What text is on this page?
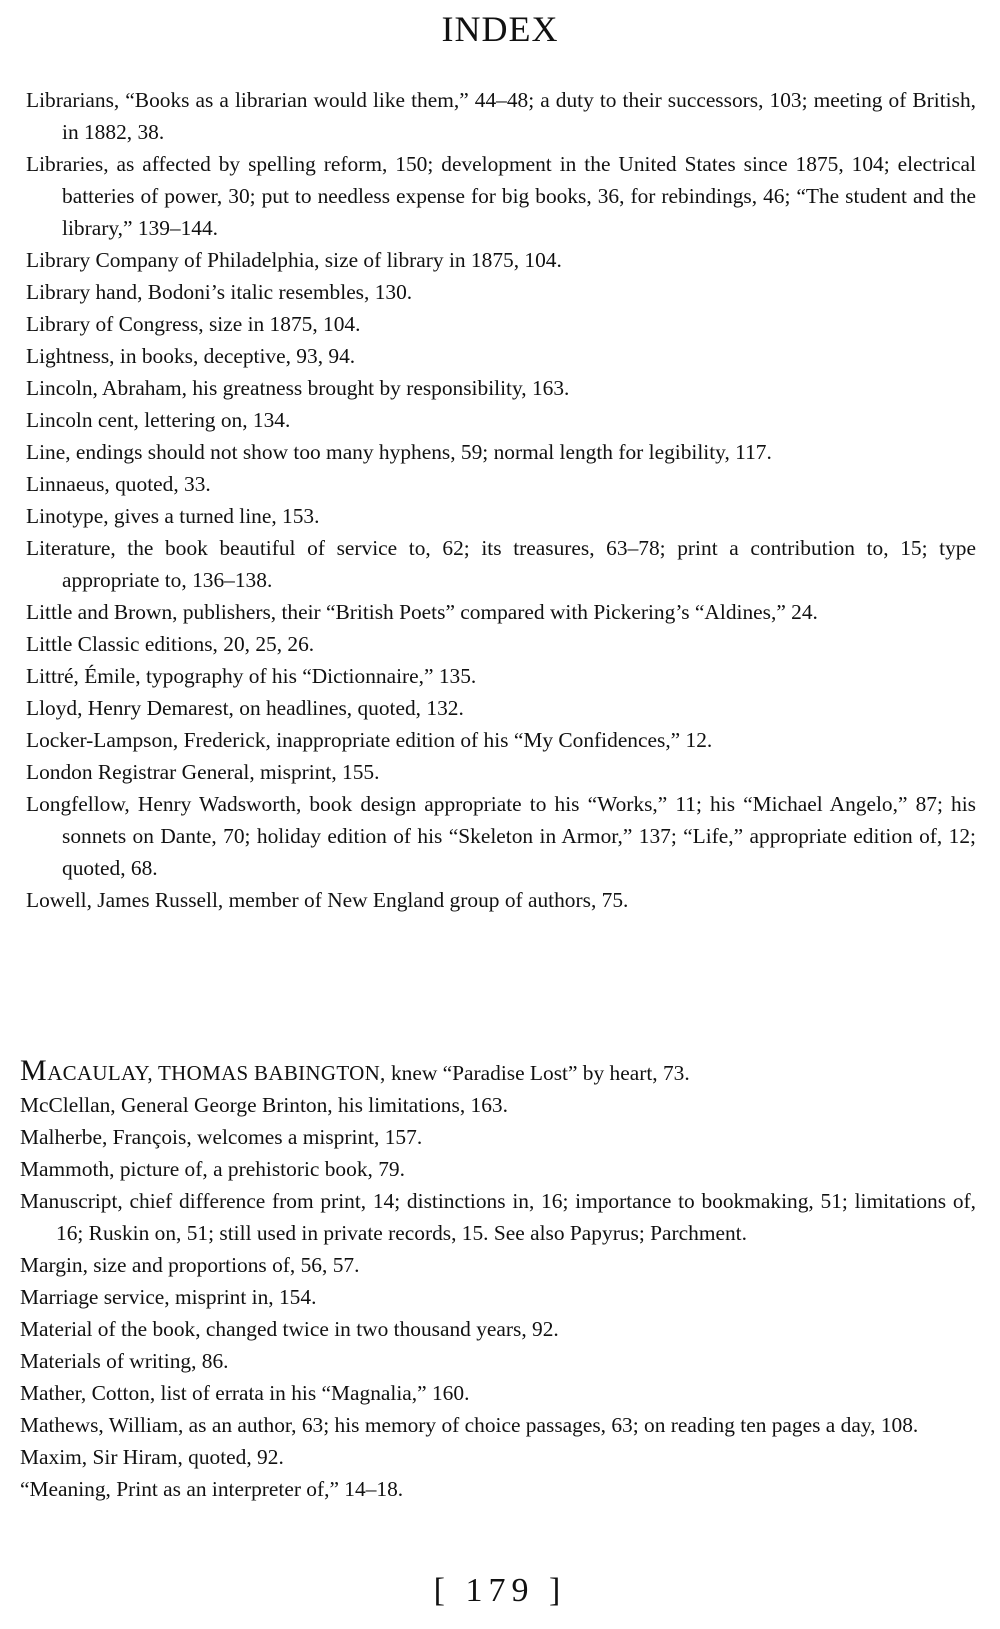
INDEX

Librarians, “Books as a librarian would like them,” 44–48; a duty to their successors, 103; meeting of British, in 1882, 38.

Libraries, as affected by spelling reform, 150; development in the United States since 1875, 104; electrical batteries of power, 30; put to needless expense for big books, 36, for rebindings, 46; “The student and the library,” 139–144.

Library Company of Philadelphia, size of library in 1875, 104.

Library hand, Bodoni’s italic resembles, 130.

Library of Congress, size in 1875, 104.

Lightness, in books, deceptive, 93, 94.

Lincoln, Abraham, his greatness brought by responsibility, 163.

Lincoln cent, lettering on, 134.

Line, endings should not show too many hyphens, 59; normal length for legibility, 117.

Linnaeus, quoted, 33.

Linotype, gives a turned line, 153.

Literature, the book beautiful of service to, 62; its treasures, 63–78; print a contribution to, 15; type appropriate to, 136–138.

Little and Brown, publishers, their “British Poets” compared with Pickering’s “Aldines,” 24.

Little Classic editions, 20, 25, 26.

Littré, Émile, typography of his “Dictionnaire,” 135.

Lloyd, Henry Demarest, on headlines, quoted, 132.

Locker-Lampson, Frederick, inappropriate edition of his “My Confidences,” 12.

London Registrar General, misprint, 155.

Longfellow, Henry Wadsworth, book design appropriate to his “Works,” 11; his “Michael Angelo,” 87; his sonnets on Dante, 70; holiday edition of his “Skeleton in Armor,” 137; “Life,” appropriate edition of, 12; quoted, 68.

Lowell, James Russell, member of New England group of authors, 75.

MACAULAY, THOMAS BABINGTON, knew “Paradise Lost” by heart, 73.

McClellan, General George Brinton, his limitations, 163.

Malherbe, François, welcomes a misprint, 157.

Mammoth, picture of, a prehistoric book, 79.

Manuscript, chief difference from print, 14; distinctions in, 16; importance to bookmaking, 51; limitations of, 16; Ruskin on, 51; still used in private records, 15. See also Papyrus; Parchment.

Margin, size and proportions of, 56, 57.

Marriage service, misprint in, 154.

Material of the book, changed twice in two thousand years, 92.

Materials of writing, 86.

Mather, Cotton, list of errata in his “Magnalia,” 160.

Mathews, William, as an author, 63; his memory of choice passages, 63; on reading ten pages a day, 108.

Maxim, Sir Hiram, quoted, 92.

“Meaning, Print as an interpreter of,” 14–18.

[ 179 ]
